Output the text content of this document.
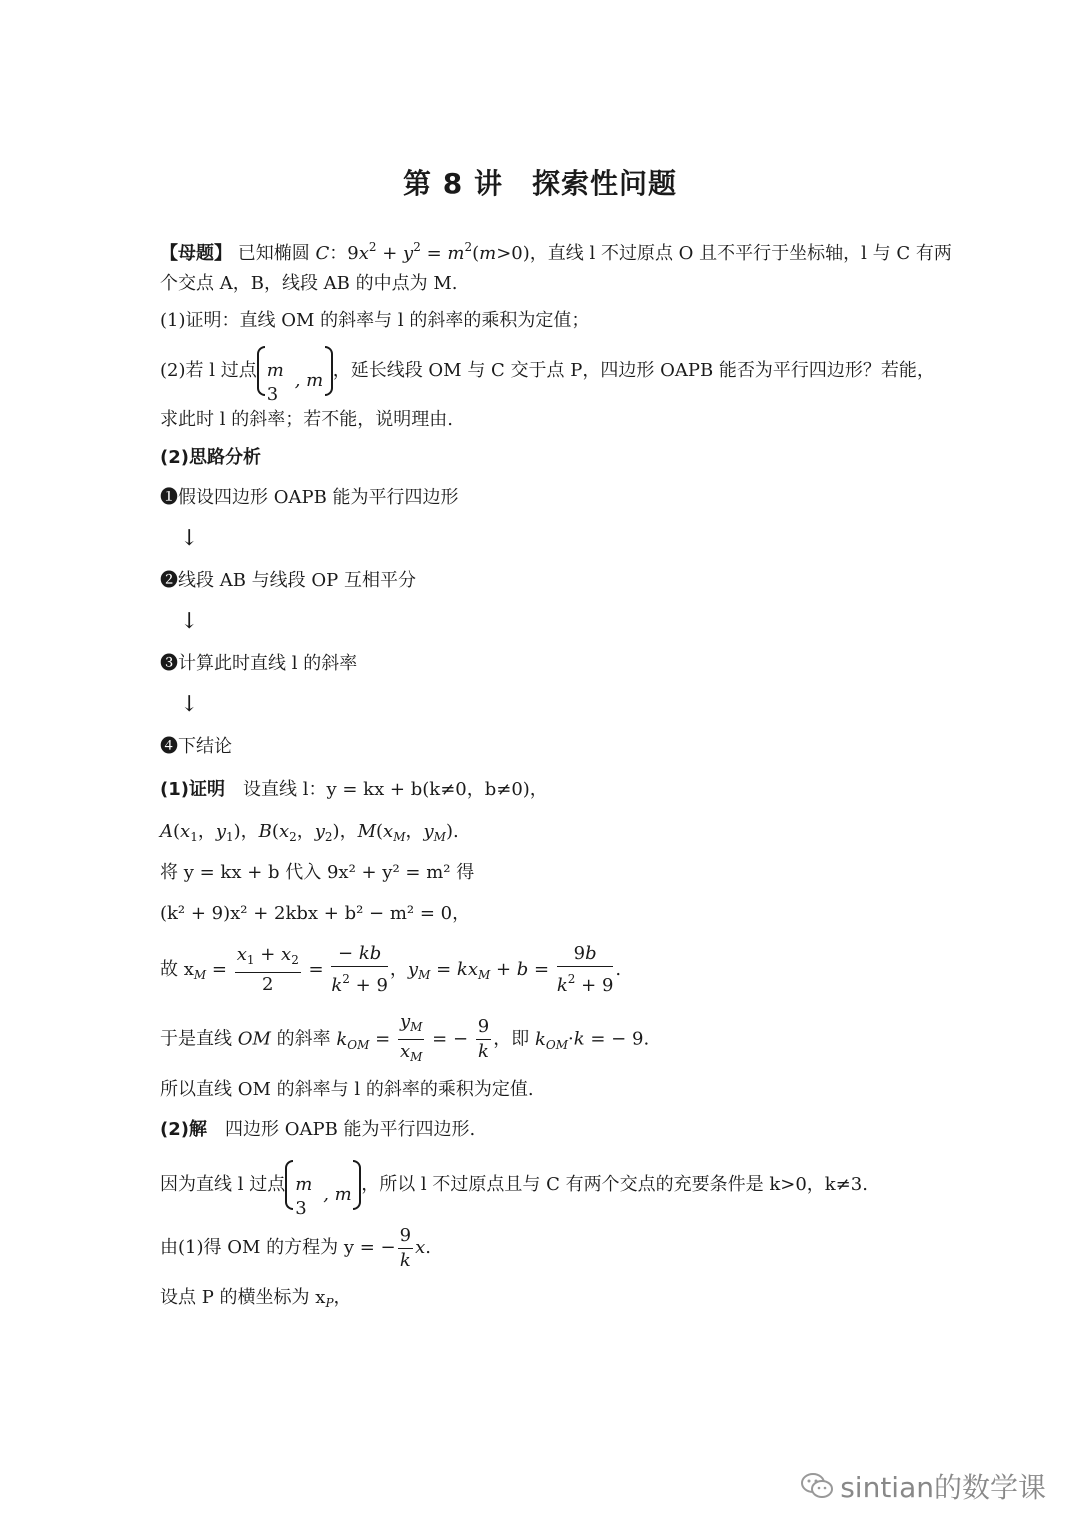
第 8 讲　探索性问题
【母题】 已知椭圆 C：$9x^2 + y^2 = m^2(m>0)$，直线 l 不过原点 O 且不平行于坐标轴，l 与 C 有两
个交点 A，B，线段 AB 的中点为 M.
(1)证明：直线 OM 的斜率与 l 的斜率的乘积为定值；
(2)若 l 过点 m
3
, m ，延长线段 OM 与 C 交于点 P，四边形 OAPB 能否为平行四边形？若能，
求此时 l 的斜率；若不能，说明理由.
(2)思路分析
❶假设四边形 OAPB 能为平行四边形
↓
❷线段 AB 与线段 OP 互相平分
↓
❸计算此时直线 l 的斜率
↓
❹下结论
(1)证明　 设直线 l：y = kx + b(k≠0，b≠0)，
$A(x_1$，$y_1$)，$B(x_2$，$y_2$)，$M(x_M$，$y_M$).
将 y = kx + b 代入 9x² + y² = m² 得
(k² + 9)x² + 2kbx + b² − m² = 0，
故 $x_M = \frac{x_1 + x_2}{2} = \frac{- kb}{k^2 + 9}$ ，$y_M = kx_M + b = \frac{9b}{k^2 + 9}$ .
于是直线 OM 的斜率 $k_{OM} = \frac{y_M}{x_M}$ = − $\frac{9}{k}$ ，即 $k_{OM}\cdot k$ = − 9.
所以直线 OM 的斜率与 l 的斜率的乘积为定值.
(2)解　 四边形 OAPB 能为平行四边形.
因为直线 l 过点 m
3
, m ，所以 l 不过原点且与 C 有两个交点的充要条件是 k>0，k≠3.
由(1)得 OM 的方程为 y = − $\frac{9}{k} x$.
设点 P 的横坐标为 $x_P$，
sintian的数学课
